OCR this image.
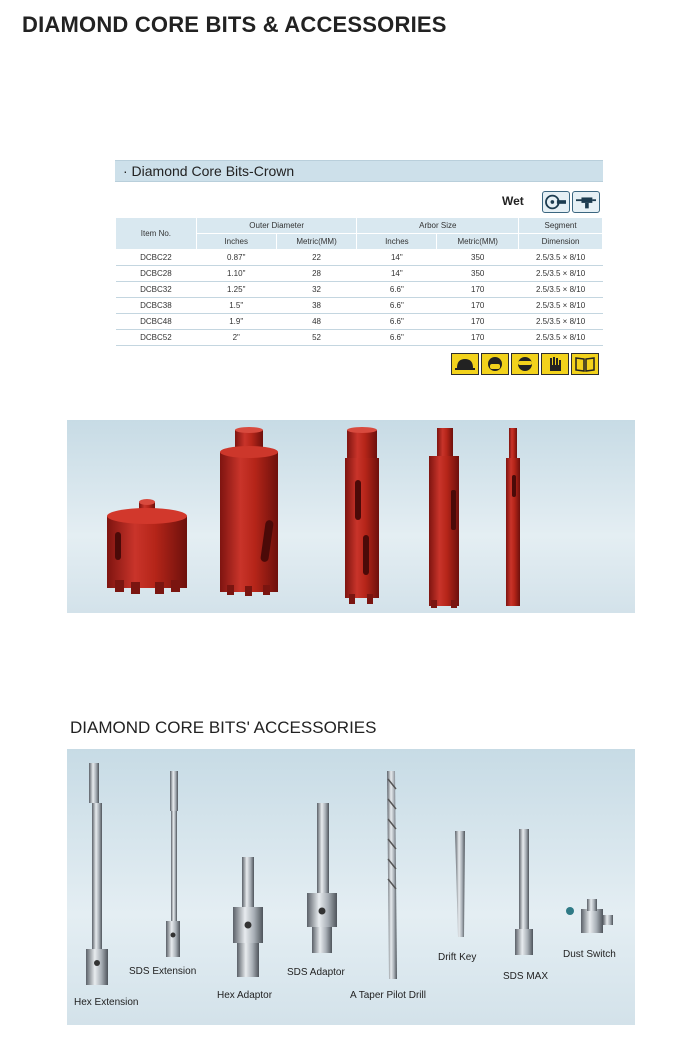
DIAMOND CORE BITS & ACCESSORIES
· Diamond Core Bits-Crown
Wet
Item No.	Outer Diameter		Arbor Size		Segment
	Inches	Metric(MM)	Inches	Metric(MM)	Dimension
DCBC22	0.87"	22	14"	350	2.5/3.5 × 8/10
DCBC28	1.10"	28	14"	350	2.5/3.5 × 8/10
DCBC32	1.25"	32	6.6"	170	2.5/3.5 × 8/10
DCBC38	1.5"	38	6.6"	170	2.5/3.5 × 8/10
DCBC48	1.9"	48	6.6"	170	2.5/3.5 × 8/10
DCBC52	2"	52	6.6"	170	2.5/3.5 × 8/10
DIAMOND CORE BITS' ACCESSORIES
Hex Extension
SDS Extension
Hex Adaptor
SDS Adaptor
A Taper Pilot Drill
Drift Key
SDS MAX
Dust Switch
